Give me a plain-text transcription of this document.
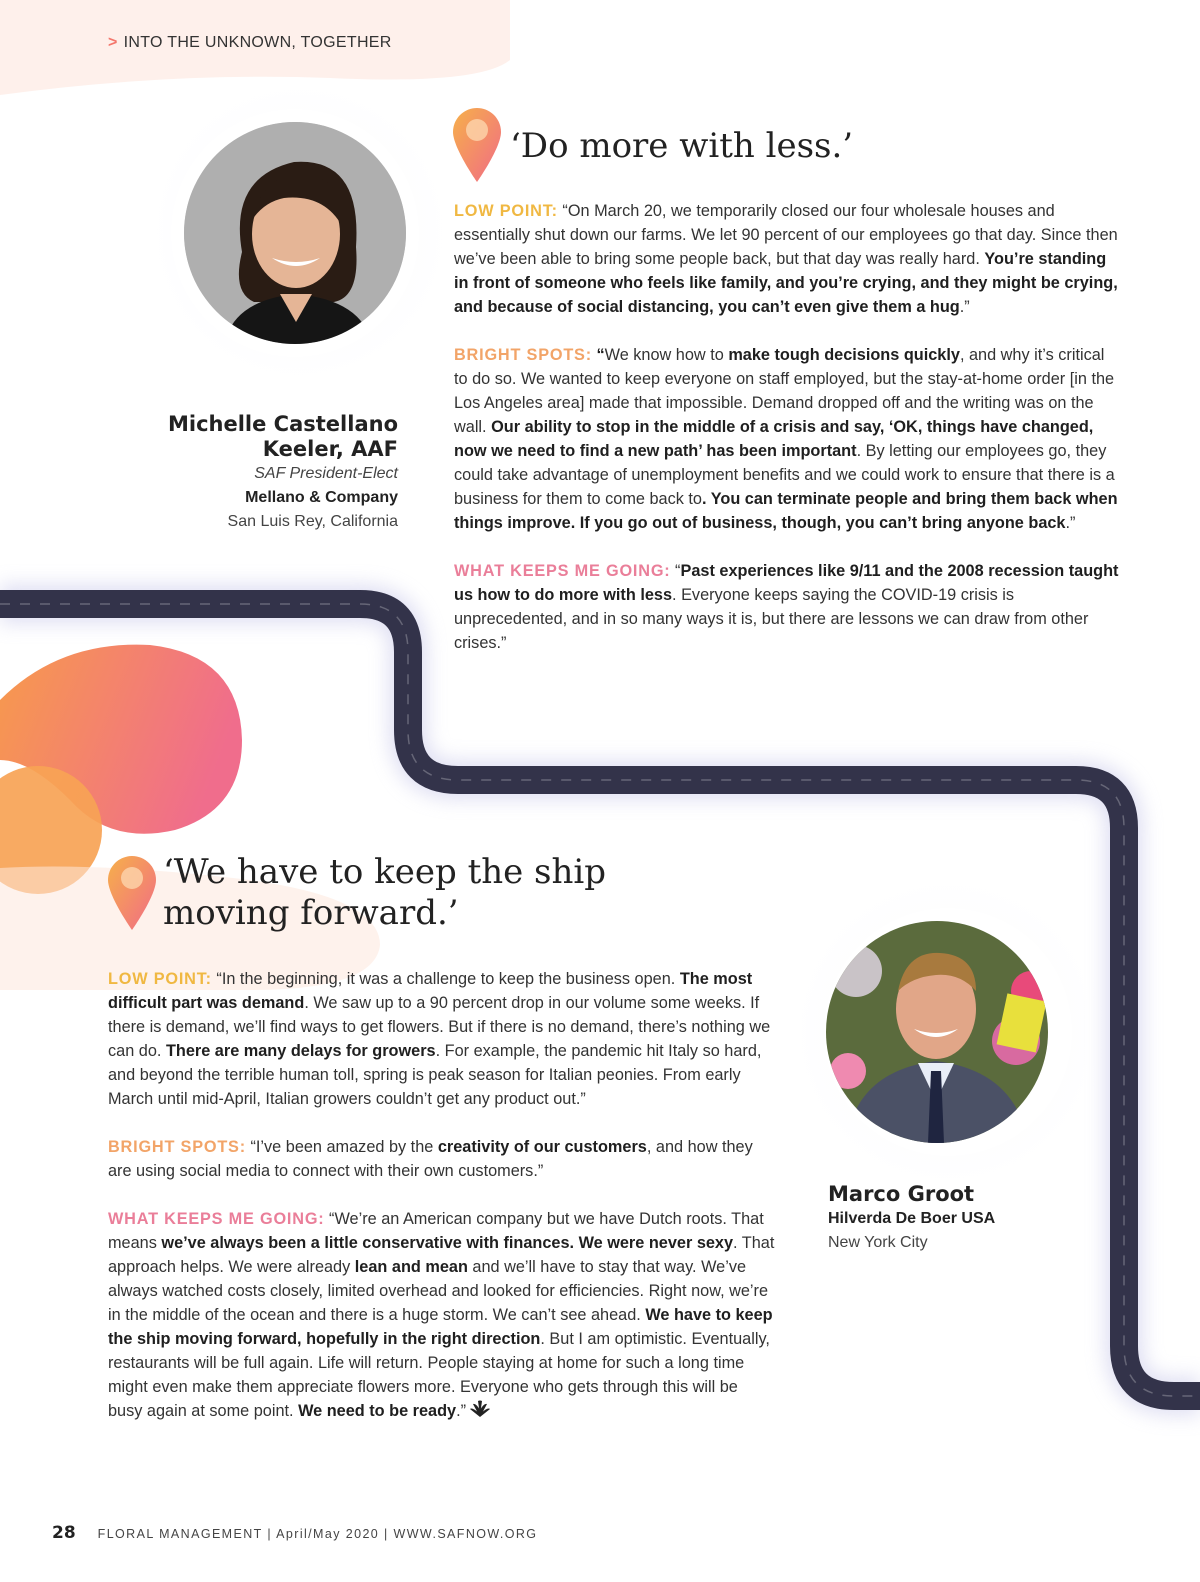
> INTO THE UNKNOWN, TOGETHER
‘Do more with less.’

LOW POINT: “On March 20, we temporarily closed our four wholesale houses and essentially shut down our farms. We let 90 percent of our employees go that day. Since then we’ve been able to bring some people back, but that day was really hard. You’re standing in front of someone who feels like family, and you’re crying, and they might be crying, and because of social distancing, you can’t even give them a hug.”

BRIGHT SPOTS: “We know how to make tough decisions quickly, and why it’s critical to do so. We wanted to keep everyone on staff employed, but the stay-at-home order [in the Los Angeles area] made that impossible. Demand dropped off and the writing was on the wall. Our ability to stop in the middle of a crisis and say, ‘OK, things have changed, now we need to find a new path’ has been important. By letting our employees go, they could take advantage of unemployment benefits and we could work to ensure that there is a business for them to come back to. You can terminate people and bring them back when things improve. If you go out of business, though, you can’t bring anyone back.”

WHAT KEEPS ME GOING: “Past experiences like 9/11 and the 2008 recession taught us how to do more with less. Everyone keeps saying the COVID-19 crisis is unprecedented, and in so many ways it is, but there are lessons we can draw from other crises.”

Michelle Castellano
Keeler, AAF
SAF President-Elect
Mellano & Company
San Luis Rey, California
‘We have to keep the ship
moving forward.’

LOW POINT: “In the beginning, it was a challenge to keep the business open. The most difficult part was demand. We saw up to a 90 percent drop in our volume some weeks. If there is demand, we’ll find ways to get flowers. But if there is no demand, there’s nothing we can do. There are many delays for growers. For example, the pandemic hit Italy so hard, and beyond the terrible human toll, spring is peak season for Italian peonies. From early March until mid-April, Italian growers couldn’t get any product out.”

BRIGHT SPOTS: “I’ve been amazed by the creativity of our customers, and how they are using social media to connect with their own customers.”

WHAT KEEPS ME GOING: “We’re an American company but we have Dutch roots. That means we’ve always been a little conservative with finances. We were never sexy. That approach helps. We were already lean and mean and we’ll have to stay that way. We’ve always watched costs closely, limited overhead and looked for efficiencies. Right now, we’re in the middle of the ocean and there is a huge storm. We can’t see ahead. We have to keep the ship moving forward, hopefully in the right direction. But I am optimistic. Eventually, restaurants will be full again. Life will return. People staying at home for such a long time might even make them appreciate flowers more. Everyone who gets through this will be busy again at some point. We need to be ready.”

Marco Groot
Hilverda De Boer USA
New York City
28 FLORAL MANAGEMENT | April/May 2020 | WWW.SAFNOW.ORG
